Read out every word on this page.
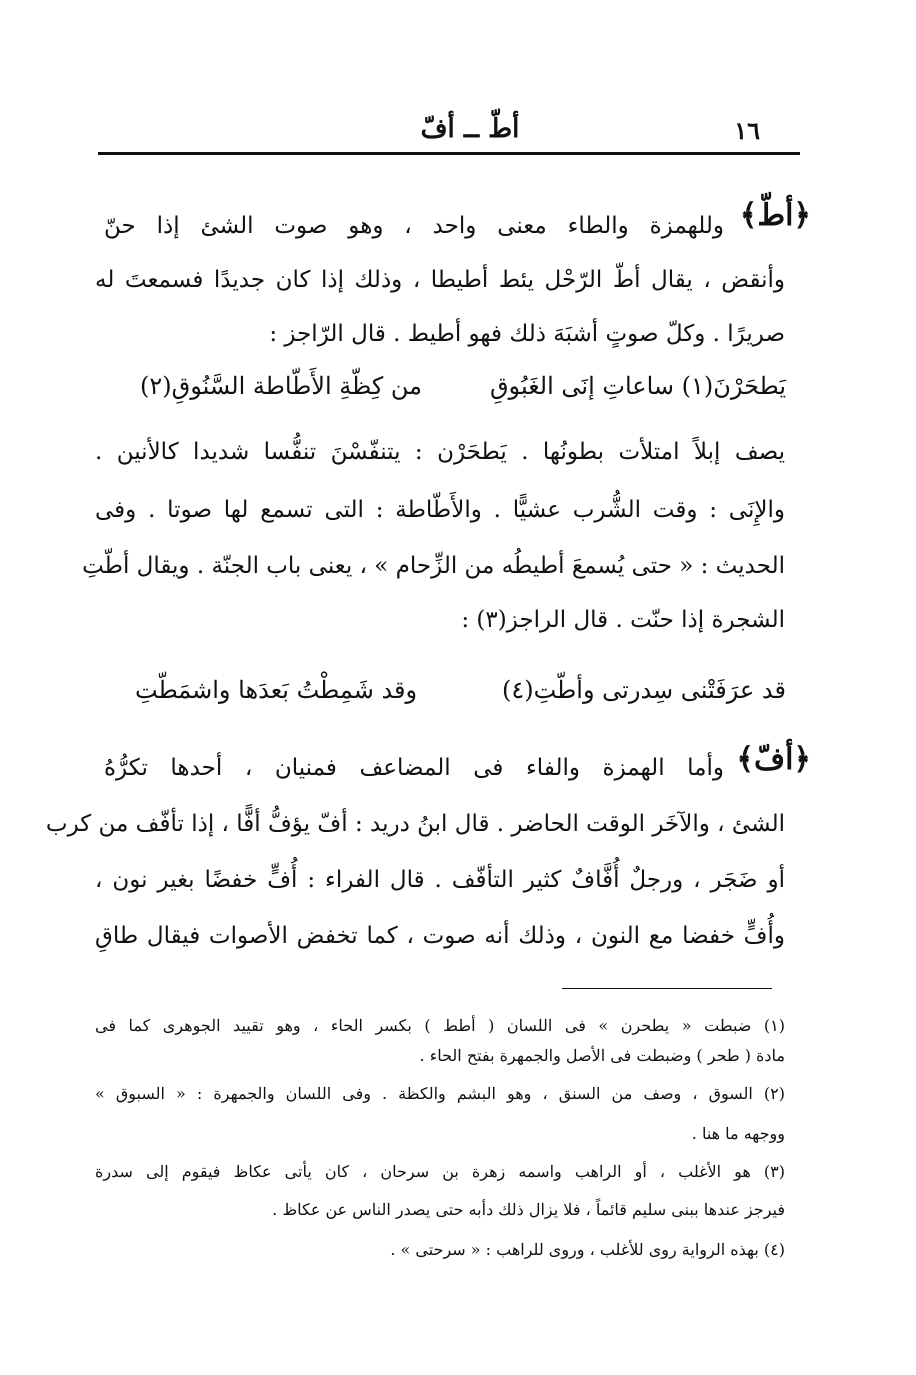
١٦
أطّ ــ أفّ
وللهمزة والطاء معنى واحد ، وهو صوت الشئ إذا حنّ ﴿أطّ﴾
وأنقض ، يقال أطّ الرّحْل يئط أطيطا ، وذلك إذا كان جديدًا فسمعتَ له
صريرًا . وكلّ صوتٍ أشبَهَ ذلك فهو أطيط . قال الرّاجز :
يَطحَرْنَ(١) ساعاتِ إنَى الغَبُوقِ
من كِظّةِ الأَطّاطة السَّنُوقِ(٢)
يصف إبلاً امتلأت بطونُها . يَطحَرْن : يتنفّسْنَ تنفُّسا شديدا كالأنين .
والإِنَى : وقت الشُّرب عشيًّا . والأَطّاطة : التى تسمع لها صوتا . وفى
الحديث : « حتى يُسمعَ أطيطُه من الزِّحام » ، يعنى باب الجنّة . ويقال أطّتِ
الشجرة إذا حنّت . قال الراجز(٣) :
قد عرَفَتْنى سِدرتى وأطّتِ(٤)
وقد شَمِطْتُ بَعدَها واشمَطّتِ
﴿أفّ﴾
وأما الهمزة والفاء فى المضاعف فمنيان ، أحدها تكرُّهُ
الشئ ، والآخَر الوقت الحاضر . قال ابنُ دريد : أفّ يؤفُّ أفًّا ، إذا تأفّف من كرب
أو ضَجَر ، ورجلٌ أُفَّافٌ كثير التأفّف . قال الفراء : أُفٍّ خفضًا بغير نون ،
وأُفٍّ خفضا مع النون ، وذلك أنه صوت ، كما تخفض الأصوات فيقال طاقِ
(١) ضبطت « يطحرن » فى اللسان ( أطط ) بكسر الحاء ، وهو تقييد الجوهرى كما فى
مادة ( طحر ) وضبطت فى الأصل والجمهرة بفتح الحاء .
(٢) السوق ، وصف من السنق ، وهو البشم والكظة . وفى اللسان والجمهرة : « السبوق »
ووجهه ما هنا .
(٣) هو الأغلب ، أو الراهب واسمه زهرة بن سرحان ، كان يأتى عكاظ فيقوم إلى سدرة
فيرجز عندها ببنى سليم قائماً ، فلا يزال ذلك دأبه حتى يصدر الناس عن عكاظ .
(٤) بهذه الرواية روى للأغلب ، وروى للراهب : « سرحتى » .
